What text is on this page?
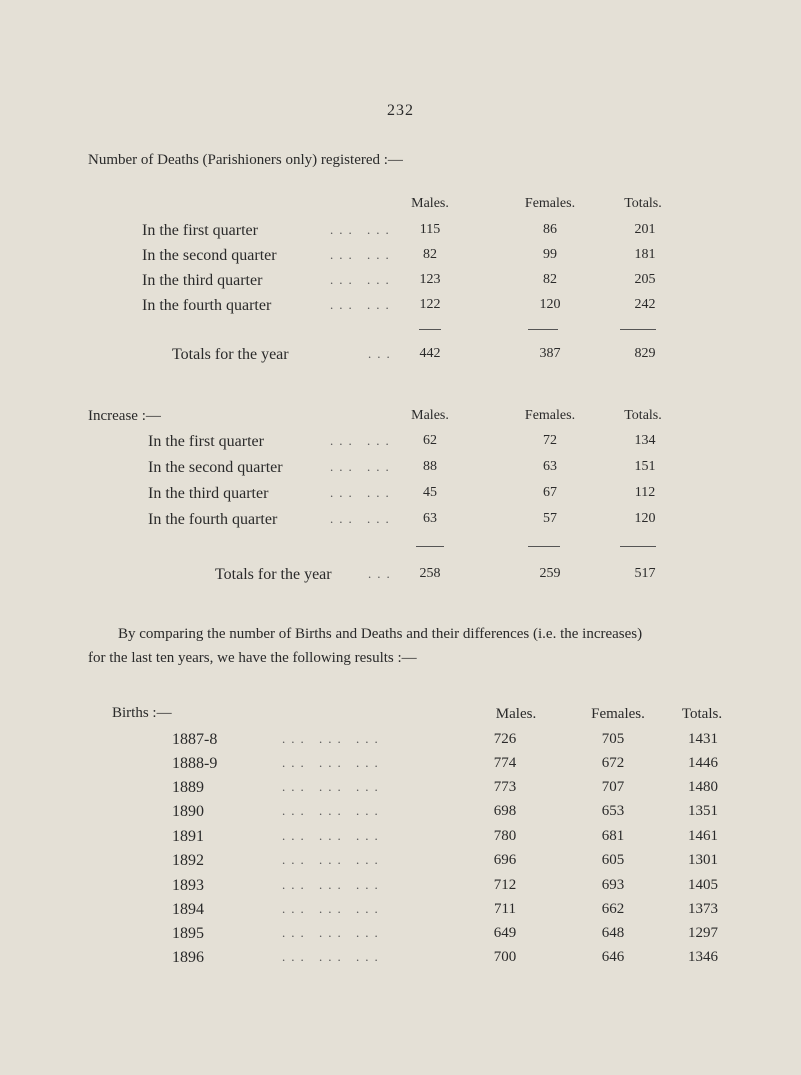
232
Number of Deaths (Parishioners only) registered :—
Males.	Females.	Totals.
In the first quarter	... ...	115	86	201
In the second quarter	... ...	82	99	181
In the third quarter	... ...	123	82	205
In the fourth quarter	... ...	122	120	242
Totals for the year	...	442	387	829
Increase :—	Males.	Females.	Totals.
In the first quarter	... ...	62	72	134
In the second quarter	... ...	88	63	151
In the third quarter	... ...	45	67	112
In the fourth quarter	... ...	63	57	120
Totals for the year	...	258	259	517
By comparing the number of Births and Deaths and their differences (i.e. the increases)
for the last ten years, we have the following results :—
Births :—	Males.	Females.	Totals.
1887-8	... ... ...	726	705	1431
1888-9	... ... ...	774	672	1446
1889	... ... ...	773	707	1480
1890	... ... ...	698	653	1351
1891	... ... ...	780	681	1461
1892	... ... ...	696	605	1301
1893	... ... ...	712	693	1405
1894	... ... ...	711	662	1373
1895	... ... ...	649	648	1297
1896	... ... ...	700	646	1346
